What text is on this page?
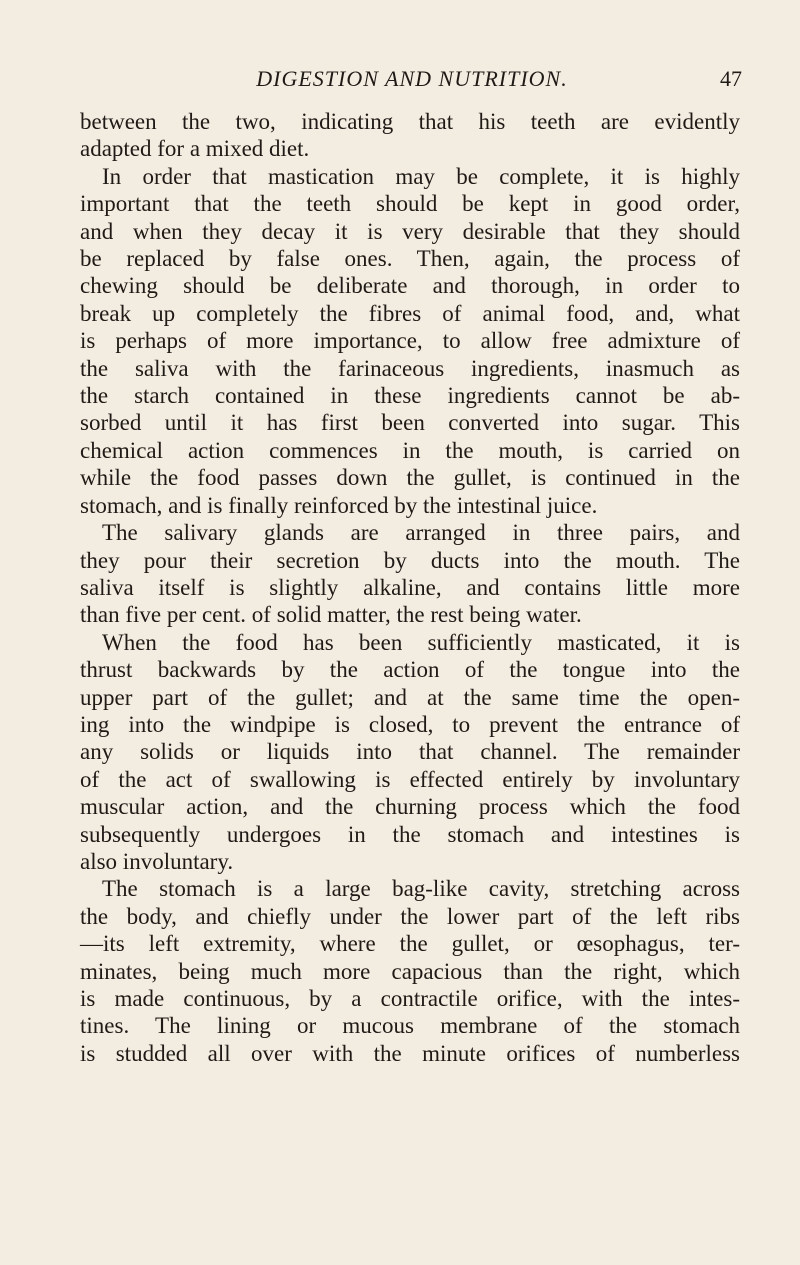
DIGESTION AND NUTRITION.	47
between the two, indicating that his teeth are evidently
adapted for a mixed diet.
In order that mastication may be complete, it is highly
important that the teeth should be kept in good order,
and when they decay it is very desirable that they should
be replaced by false ones. Then, again, the process of
chewing should be deliberate and thorough, in order to
break up completely the fibres of animal food, and, what
is perhaps of more importance, to allow free admixture of
the saliva with the farinaceous ingredients, inasmuch as
the starch contained in these ingredients cannot be ab-
sorbed until it has first been converted into sugar. This
chemical action commences in the mouth, is carried on
while the food passes down the gullet, is continued in the
stomach, and is finally reinforced by the intestinal juice.
The salivary glands are arranged in three pairs, and
they pour their secretion by ducts into the mouth. The
saliva itself is slightly alkaline, and contains little more
than five per cent. of solid matter, the rest being water.
When the food has been sufficiently masticated, it is
thrust backwards by the action of the tongue into the
upper part of the gullet; and at the same time the open-
ing into the windpipe is closed, to prevent the entrance of
any solids or liquids into that channel. The remainder
of the act of swallowing is effected entirely by involuntary
muscular action, and the churning process which the food
subsequently undergoes in the stomach and intestines is
also involuntary.
The stomach is a large bag-like cavity, stretching across
the body, and chiefly under the lower part of the left ribs
—its left extremity, where the gullet, or œsophagus, ter-
minates, being much more capacious than the right, which
is made continuous, by a contractile orifice, with the intes-
tines. The lining or mucous membrane of the stomach
is studded all over with the minute orifices of numberless
